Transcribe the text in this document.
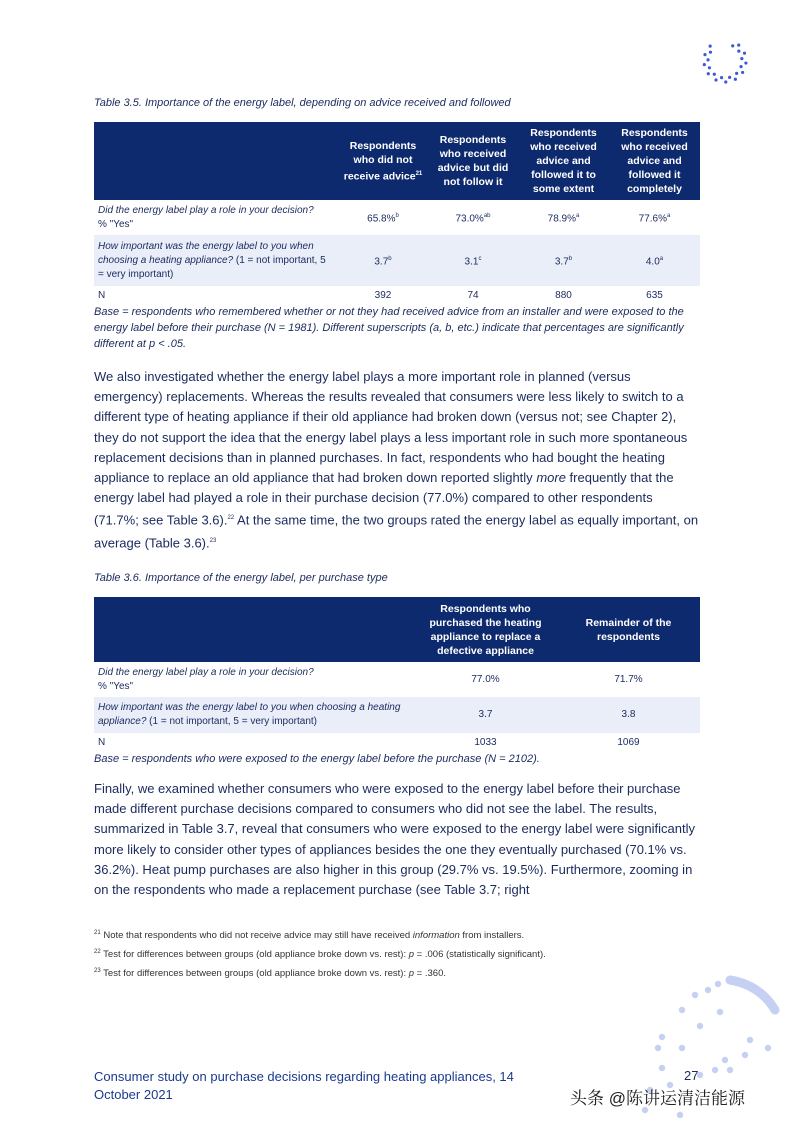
Table 3.5. Importance of the energy label, depending on advice received and followed
	Respondents who did not receive advice$^{21}$	Respondents who received advice but did not follow it	Respondents who received advice and followed it to some extent	Respondents who received advice and followed it completely
Did the energy label play a role in your decision?
% "Yes"	65.8%$^b$	73.0%$^{ab}$	78.9%$^a$	77.6%$^a$
How important was the energy label to you when choosing a heating appliance? (1 = not important, 5 = very important)	3.7$^b$	3.1$^c$	3.7$^b$	4.0$^a$
N	392	74	880	635
Base = respondents who remembered whether or not they had received advice from an installer and were exposed to the energy label before their purchase (N = 1981). Different superscripts (a, b, etc.) indicate that percentages are significantly different at p < .05.
We also investigated whether the energy label plays a more important role in planned (versus emergency) replacements. Whereas the results revealed that consumers were less likely to switch to a different type of heating appliance if their old appliance had broken down (versus not; see Chapter 2), they do not support the idea that the energy label plays a less important role in such more spontaneous replacement decisions than in planned purchases. In fact, respondents who had bought the heating appliance to replace an old appliance that had broken down reported slightly more frequently that the energy label had played a role in their purchase decision (77.0%) compared to other respondents (71.7%; see Table 3.6).$^{22}$ At the same time, the two groups rated the energy label as equally important, on average (Table 3.6).$^{23}$
Table 3.6. Importance of the energy label, per purchase type
	Respondents who purchased the heating appliance to replace a defective appliance	Remainder of the respondents
Did the energy label play a role in your decision?
% "Yes"	77.0%	71.7%
How important was the energy label to you when choosing a heating appliance? (1 = not important, 5 = very important)	3.7	3.8
N	1033	1069
Base = respondents who were exposed to the energy label before the purchase (N = 2102).
Finally, we examined whether consumers who were exposed to the energy label before their purchase made different purchase decisions compared to consumers who did not see the label. The results, summarized in Table 3.7, reveal that consumers who were exposed to the energy label were significantly more likely to consider other types of appliances besides the one they eventually purchased (70.1% vs. 36.2%). Heat pump purchases are also higher in this group (29.7% vs. 19.5%). Furthermore, zooming in on the respondents who made a replacement purchase (see Table 3.7; right
$^{21}$ Note that respondents who did not receive advice may still have received information from installers.
$^{22}$ Test for differences between groups (old appliance broke down vs. rest): p = .006 (statistically significant).
$^{23}$ Test for differences between groups (old appliance broke down vs. rest): p = .360.
Consumer study on purchase decisions regarding heating appliances, 14 October 2021
27
头条 @陈讲运清洁能源
